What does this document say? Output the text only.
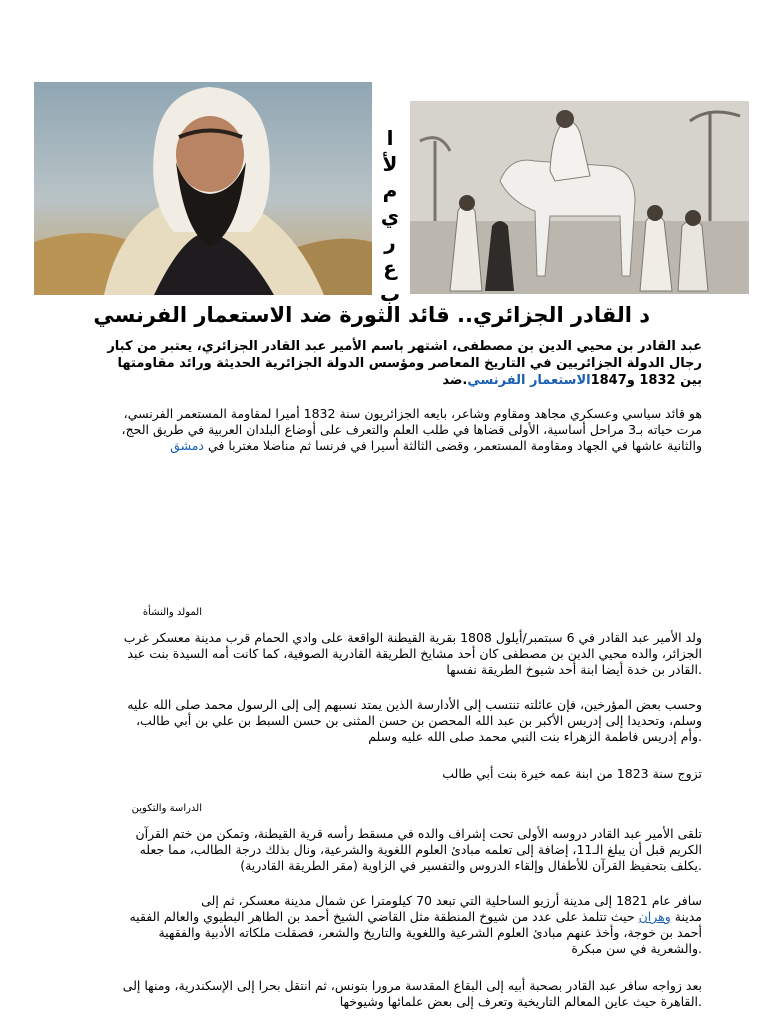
ا
لأ
م
ي
ر
ع
ب
د القادر الجزائري.. قائد الثورة ضد الاستعمار الفرنسي
عبد القادر بن محيي الدين بن مصطفى، اشتهر باسم الأمير عبد القادر الجزائري، يعتبر من كبار
رجال الدولة الجزائريين في التاريخ المعاصر ومؤسس الدولة الجزائرية الحديثة ورائد مقاومتها
بين 1832 و1847الاستعمار الفرنسي.ضد
هو قائد سياسي وعسكري مجاهد ومقاوم وشاعر، بايعه الجزائريون سنة 1832 أميرا لمقاومة المستعمر الفرنسي،
مرت حياته بـ3 مراحل أساسية، الأولى قضاها في طلب العلم والتعرف على أوضاع البلدان العربية في طريق الحج،
والثانية عاشها في الجهاد ومقاومة المستعمر، وقضى الثالثة أسيرا في فرنسا ثم مناضلا مغتربا في دمشق
المولد والنشأة
ولد الأمير عبد القادر في 6 سبتمبر/أيلول 1808 بقرية القيطنة الواقعة على وادي الحمام قرب مدينة معسكر غرب
الجزائر، والده محيي الدين بن مصطفى كان أحد مشايخ الطريقة القادرية الصوفية، كما كانت أمه السيدة بنت عبد
.القادر بن خدة أيضا ابنة أحد شيوخ الطريقة نفسها
وحسب بعض المؤرخين، فإن عائلته تنتسب إلى الأدارسة الذين يمتد نسبهم إلى إلى الرسول محمد صلى الله عليه
وسلم، وتحديدا إلى إدريس الأكبر بن عبد الله المحصن بن حسن المثنى بن حسن السبط بن علي بن أبي طالب،
.وأم إدريس فاطمة الزهراء بنت النبي محمد صلى الله عليه وسلم
تزوج سنة 1823 من ابنة عمه خيرة بنت أبي طالب
الدراسة والتكوين
تلقى الأمير عبد القادر دروسه الأولى تحت إشراف والده في مسقط رأسه قرية القيطنة، وتمكن من ختم القرآن
الكريم قبل أن يبلغ الـ11، إضافة إلى تعلمه مبادئ العلوم اللغوية والشرعية، ونال بذلك درجة الطالب، مما جعله
.يكلف بتحفيظ القرآن للأطفال وإلقاء الدروس والتفسير في الزاوية (مقر الطريقة القادرية)
سافر عام 1821 إلى مدينة أرزيو الساحلية التي تبعد 70 كيلومترا عن شمال مدينة معسكر، ثم إلى
مدينة وهران حيث تتلمذ على عدد من شيوخ المنطقة مثل القاضي الشيخ أحمد بن الطاهر البطيوي والعالم الفقيه
أحمد بن خوجة، وأخذ عنهم مبادئ العلوم الشرعية واللغوية والتاريخ والشعر، فصقلت ملكاته الأدبية والفقهية
.والشعرية في سن مبكرة
بعد زواجه سافر عبد القادر بصحبة أبيه إلى البقاع المقدسة مرورا بتونس، ثم انتقل بحرا إلى الإسكندرية، ومنها إلى
.القاهرة حيث عاين المعالم التاريخية وتعرف إلى بعض علمائها وشيوخها
